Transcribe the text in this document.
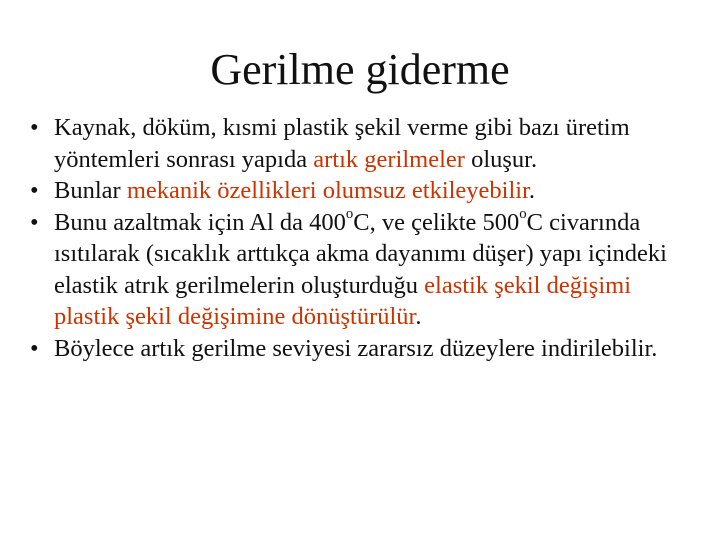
Gerilme giderme
• Kaynak, döküm, kısmi plastik şekil verme gibi bazı üretim yöntemleri sonrası yapıda artık gerilmeler oluşur.
• Bunlar mekanik özellikleri olumsuz etkileyebilir.
• Bunu azaltmak için Al da 400$^o$C, ve çelikte 500$^o$C civarında ısıtılarak (sıcaklık arttıkça akma dayanımı düşer) yapı içindeki elastik atrık gerilmelerin oluşturduğu elastik şekil değişimi plastik şekil değişimine dönüştürülür.
• Böylece artık gerilme seviyesi zararsız düzeylere indirilebilir.
